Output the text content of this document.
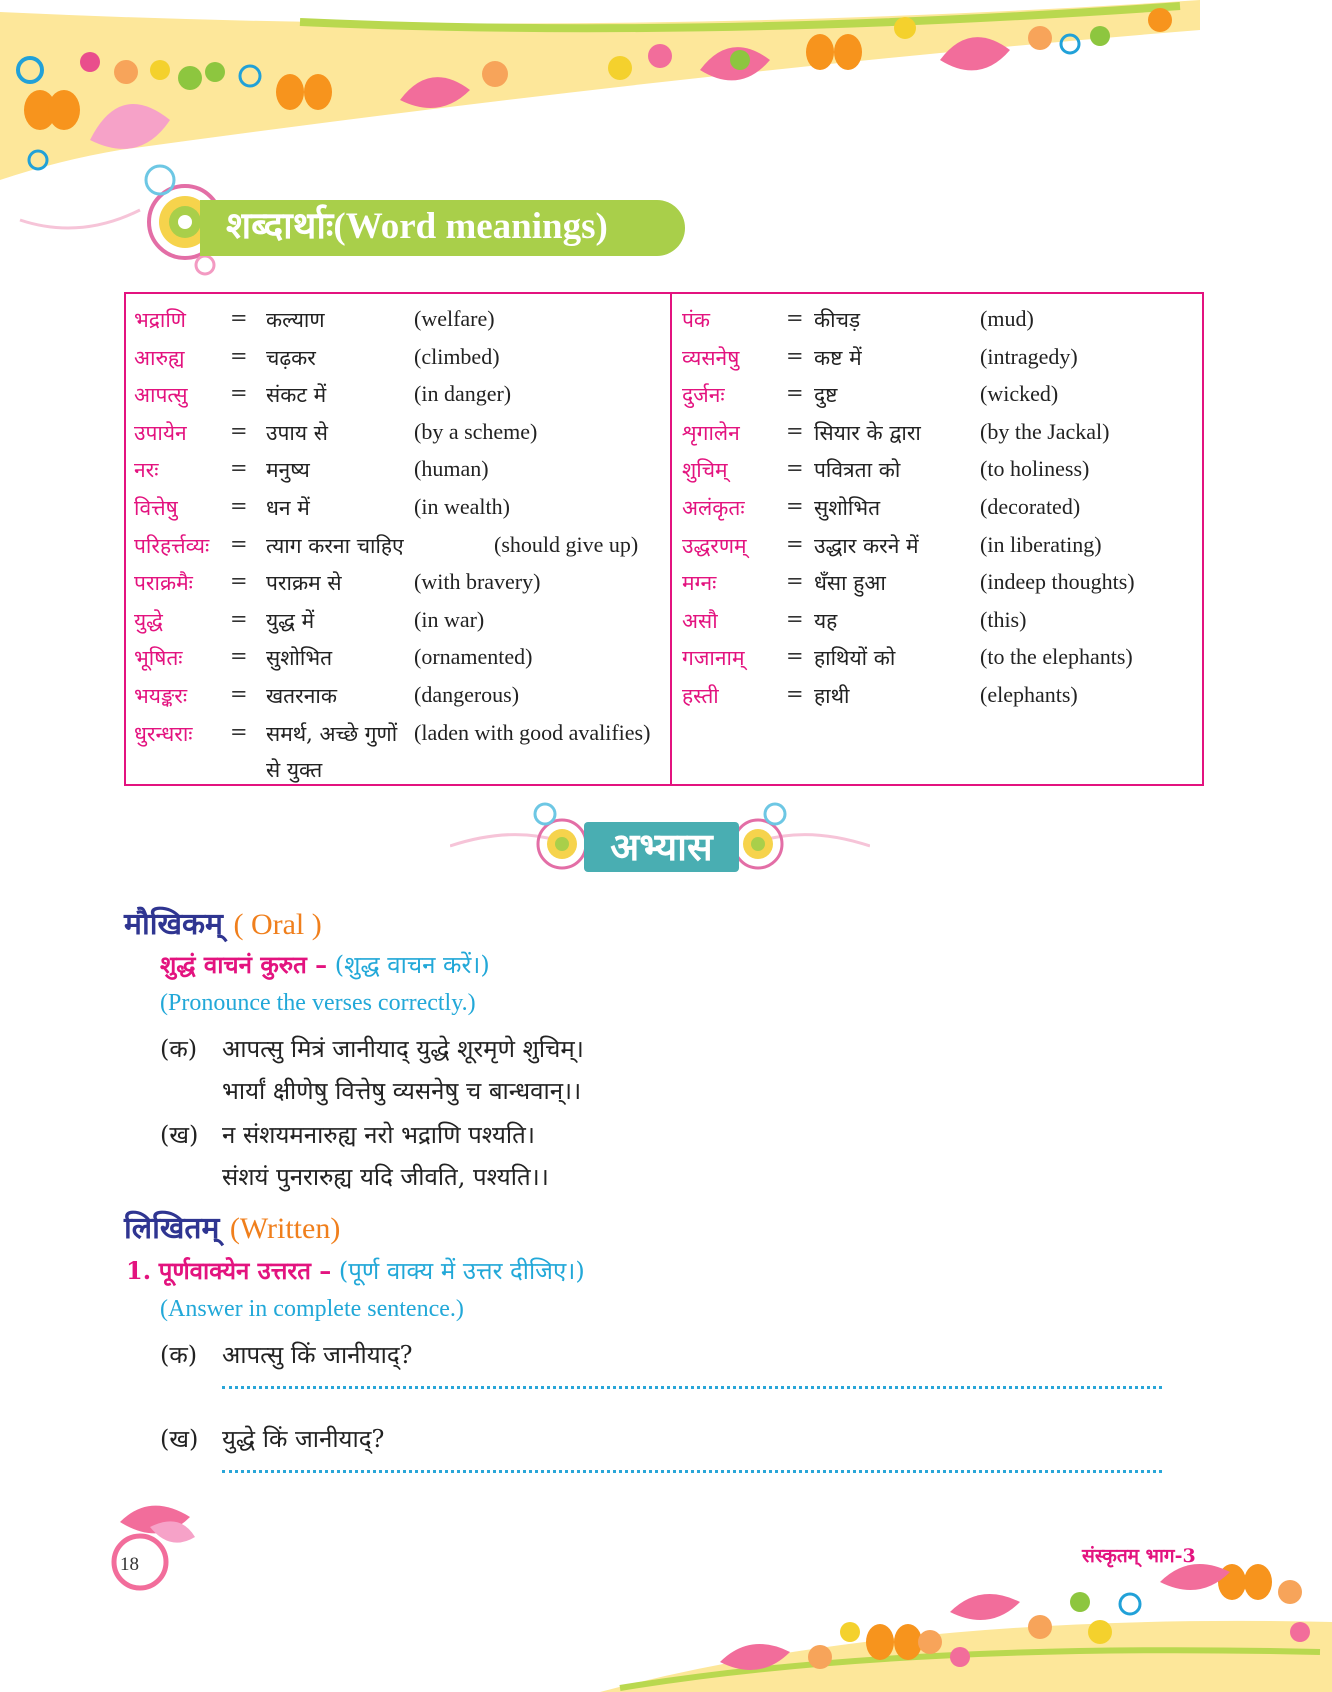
शब्दार्थाः(Word meanings)
भद्राणि = कल्याण	(welfare)
आरुह्य = चढ़कर	(climbed)
आपत्सु = संकट में	(in danger)
उपायेन = उपाय से	(by a scheme)
नरः	= मनुष्य	(human)
वित्तेषु = धन में	(in wealth)
परिहर्त्तव्यः = त्याग करना चाहिए	(should give up)
पराक्रमैः = पराक्रम से	(with bravery)
युद्धे	= युद्ध में	(in war)
भूषितः = सुशोभित	(ornamented)
भयङ्करः = खतरनाक	(dangerous)
धुरन्धराः = समर्थ, अच्छे गुणों (laden with good avalifies)
से युक्त
पंक	= कीचड़	(mud)
व्यसनेषु = कष्ट में	(intragedy)
दुर्जनः	= दुष्ट	(wicked)
शृगालेन = सियार के द्वारा	(by the Jackal)
शुचिम्	= पवित्रता को	(to holiness)
अलंकृतः = सुशोभित	(decorated)
उद्धरणम् = उद्धार करने में	(in liberating)
मग्नः	= धँसा हुआ	(indeep thoughts)
असौ	= यह	(this)
गजानाम् = हाथियों को	(to the elephants)
हस्ती	= हाथी	(elephants)
अभ्यास
मौखिकम् ( Oral )
शुद्धं वाचनं कुरुत – (शुद्ध वाचन करें।)
(Pronounce the verses correctly.)
(क) आपत्सु मित्रं जानीयाद् युद्धे शूरमृणे शुचिम्।
भार्यां क्षीणेषु वित्तेषु व्यसनेषु च बान्धवान्।।
(ख) न संशयमनारुह्य नरो भद्राणि पश्यति।
संशयं पुनरारुह्य यदि जीवति, पश्यति।।
लिखितम् (Written)
1. पूर्णवाक्येन उत्तरत – (पूर्ण वाक्य में उत्तर दीजिए।)
(Answer in complete sentence.)
(क) आपत्सु किं जानीयाद्?
(ख) युद्धे किं जानीयाद्?
18	संस्कृतम् भाग-3
